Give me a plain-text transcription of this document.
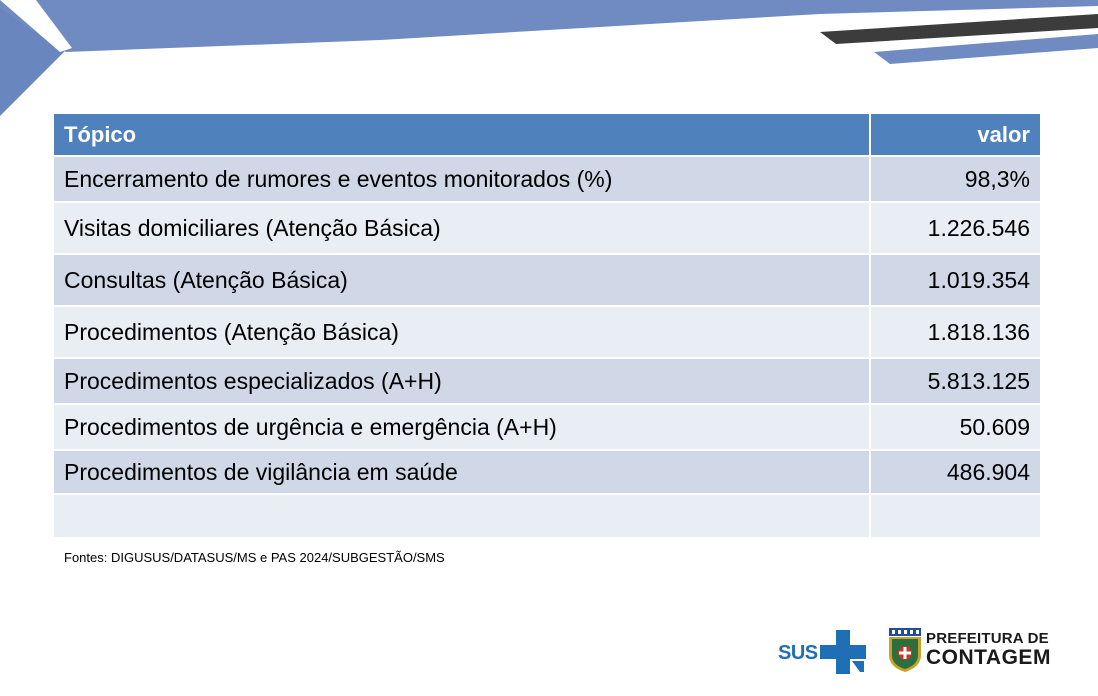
Tópico	valor
Encerramento de rumores e eventos monitorados (%)	98,3%
Visitas domiciliares (Atenção Básica)	1.226.546
Consultas (Atenção Básica)	1.019.354
Procedimentos (Atenção Básica)	1.818.136
Procedimentos especializados (A+H)	5.813.125
Procedimentos de urgência e emergência (A+H)	50.609
Procedimentos de vigilância em saúde	486.904

Fontes: DIGUSUS/DATASUS/MS e PAS 2024/SUBGESTÃO/SMS
SUS
PREFEITURA DE
CONTAGEM
